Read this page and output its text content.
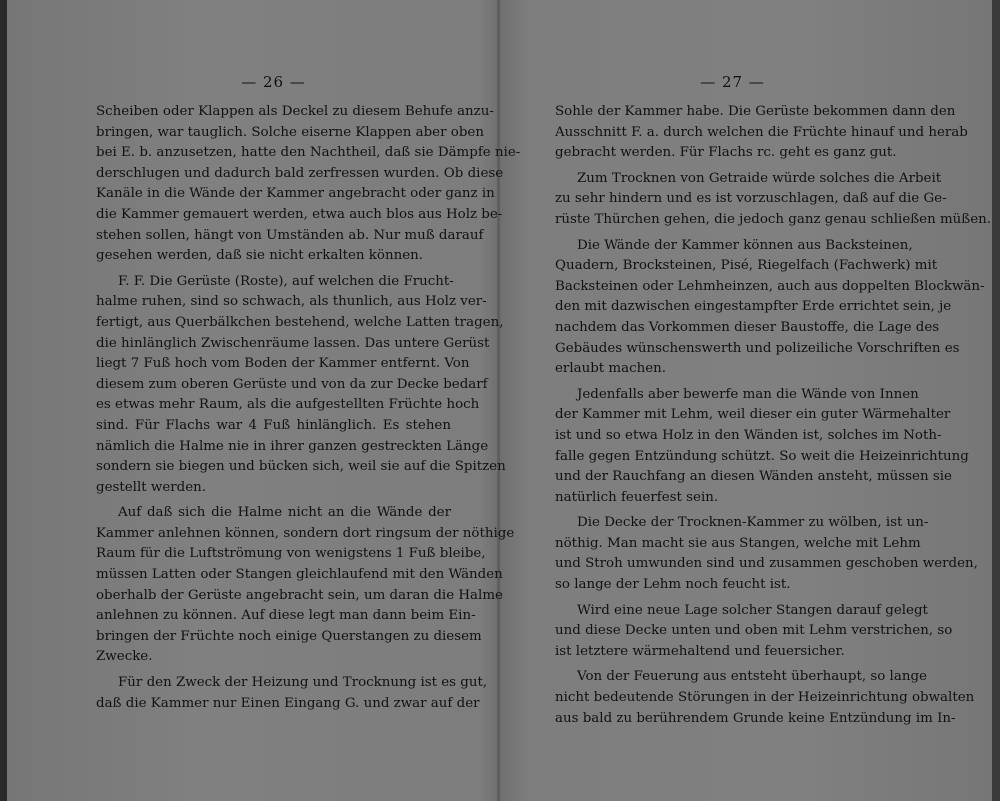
— 26 —
Scheiben oder Klappen als Deckel zu diesem Behufe anzu-
bringen, war tauglich. Solche eiserne Klappen aber oben
bei E. b. anzusetzen, hatte den Nachtheil, daß sie Dämpfe nie-
derschlugen und dadurch bald zerfressen wurden. Ob diese
Kanäle in die Wände der Kammer angebracht oder ganz in
die Kammer gemauert werden, etwa auch blos aus Holz be-
stehen sollen, hängt von Umständen ab. Nur muß darauf
gesehen werden, daß sie nicht erkalten können.
F. F. Die Gerüste (Roste), auf welchen die Frucht-
halme ruhen, sind so schwach, als thunlich, aus Holz ver-
fertigt, aus Querbälkchen bestehend, welche Latten tragen,
die hinlänglich Zwischenräume lassen. Das untere Gerüst
liegt 7 Fuß hoch vom Boden der Kammer entfernt. Von
diesem zum oberen Gerüste und von da zur Decke bedarf
es etwas mehr Raum, als die aufgestellten Früchte hoch
sind. Für Flachs war 4 Fuß hinlänglich. Es stehen
nämlich die Halme nie in ihrer ganzen gestreckten Länge
sondern sie biegen und bücken sich, weil sie auf die Spitzen
gestellt werden.
Auf daß sich die Halme nicht an die Wände der
Kammer anlehnen können, sondern dort ringsum der nöthige
Raum für die Luftströmung von wenigstens 1 Fuß bleibe,
müssen Latten oder Stangen gleichlaufend mit den Wänden
oberhalb der Gerüste angebracht sein, um daran die Halme
anlehnen zu können. Auf diese legt man dann beim Ein-
bringen der Früchte noch einige Querstangen zu diesem
Zwecke.
Für den Zweck der Heizung und Trocknung ist es gut,
daß die Kammer nur Einen Eingang G. und zwar auf der
— 27 —
Sohle der Kammer habe. Die Gerüste bekommen dann den
Ausschnitt F. a. durch welchen die Früchte hinauf und herab
gebracht werden. Für Flachs rc. geht es ganz gut.
Zum Trocknen von Getraide würde solches die Arbeit
zu sehr hindern und es ist vorzuschlagen, daß auf die Ge-
rüste Thürchen gehen, die jedoch ganz genau schließen müßen.
Die Wände der Kammer können aus Backsteinen,
Quadern, Brocksteinen, Pisé, Riegelfach (Fachwerk) mit
Backsteinen oder Lehmheinzen, auch aus doppelten Blockwän-
den mit dazwischen eingestampfter Erde errichtet sein, je
nachdem das Vorkommen dieser Baustoffe, die Lage des
Gebäudes wünschenswerth und polizeiliche Vorschriften es
erlaubt machen.
Jedenfalls aber bewerfe man die Wände von Innen
der Kammer mit Lehm, weil dieser ein guter Wärmehalter
ist und so etwa Holz in den Wänden ist, solches im Noth-
falle gegen Entzündung schützt. So weit die Heizeinrichtung
und der Rauchfang an diesen Wänden ansteht, müssen sie
natürlich feuerfest sein.
Die Decke der Trocknen-Kammer zu wölben, ist un-
nöthig. Man macht sie aus Stangen, welche mit Lehm
und Stroh umwunden sind und zusammen geschoben werden,
so lange der Lehm noch feucht ist.
Wird eine neue Lage solcher Stangen darauf gelegt
und diese Decke unten und oben mit Lehm verstrichen, so
ist letztere wärmehaltend und feuersicher.
Von der Feuerung aus entsteht überhaupt, so lange
nicht bedeutende Störungen in der Heizeinrichtung obwalten
aus bald zu berührendem Grunde keine Entzündung im In-
